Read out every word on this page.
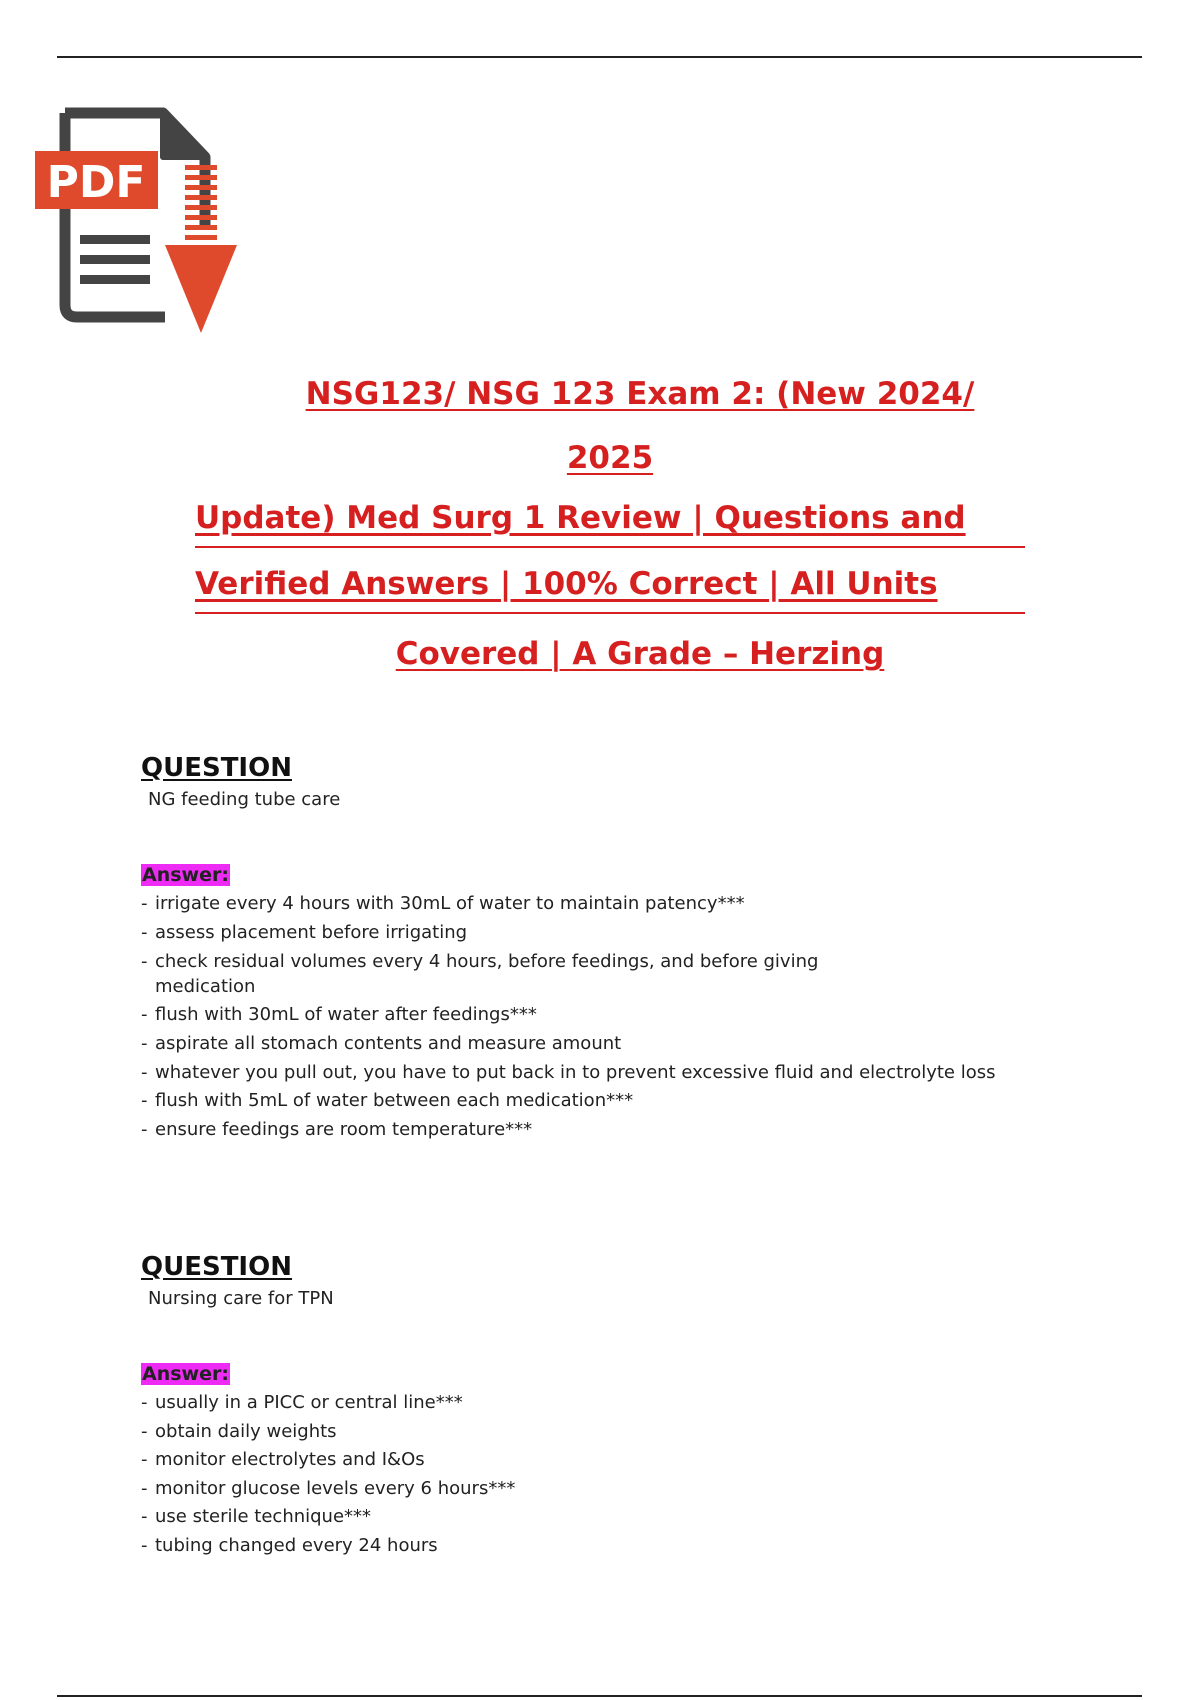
PDF
NSG123/ NSG 123 Exam 2: (New 2024/
2025
Update) Med Surg 1 Review | Questions and
Verified Answers | 100% Correct | All Units
Covered | A Grade – Herzing
QUESTION
NG feeding tube care
Answer:
- irrigate every 4 hours with 30mL of water to maintain patency***
- assess placement before irrigating
- check residual volumes every 4 hours, before feedings, and before giving medication
- flush with 30mL of water after feedings***
- aspirate all stomach contents and measure amount
- whatever you pull out, you have to put back in to prevent excessive fluid and electrolyte loss
- flush with 5mL of water between each medication***
- ensure feedings are room temperature***
QUESTION
Nursing care for TPN
Answer:
- usually in a PICC or central line***
- obtain daily weights
- monitor electrolytes and I&Os
- monitor glucose levels every 6 hours***
- use sterile technique***
- tubing changed every 24 hours
